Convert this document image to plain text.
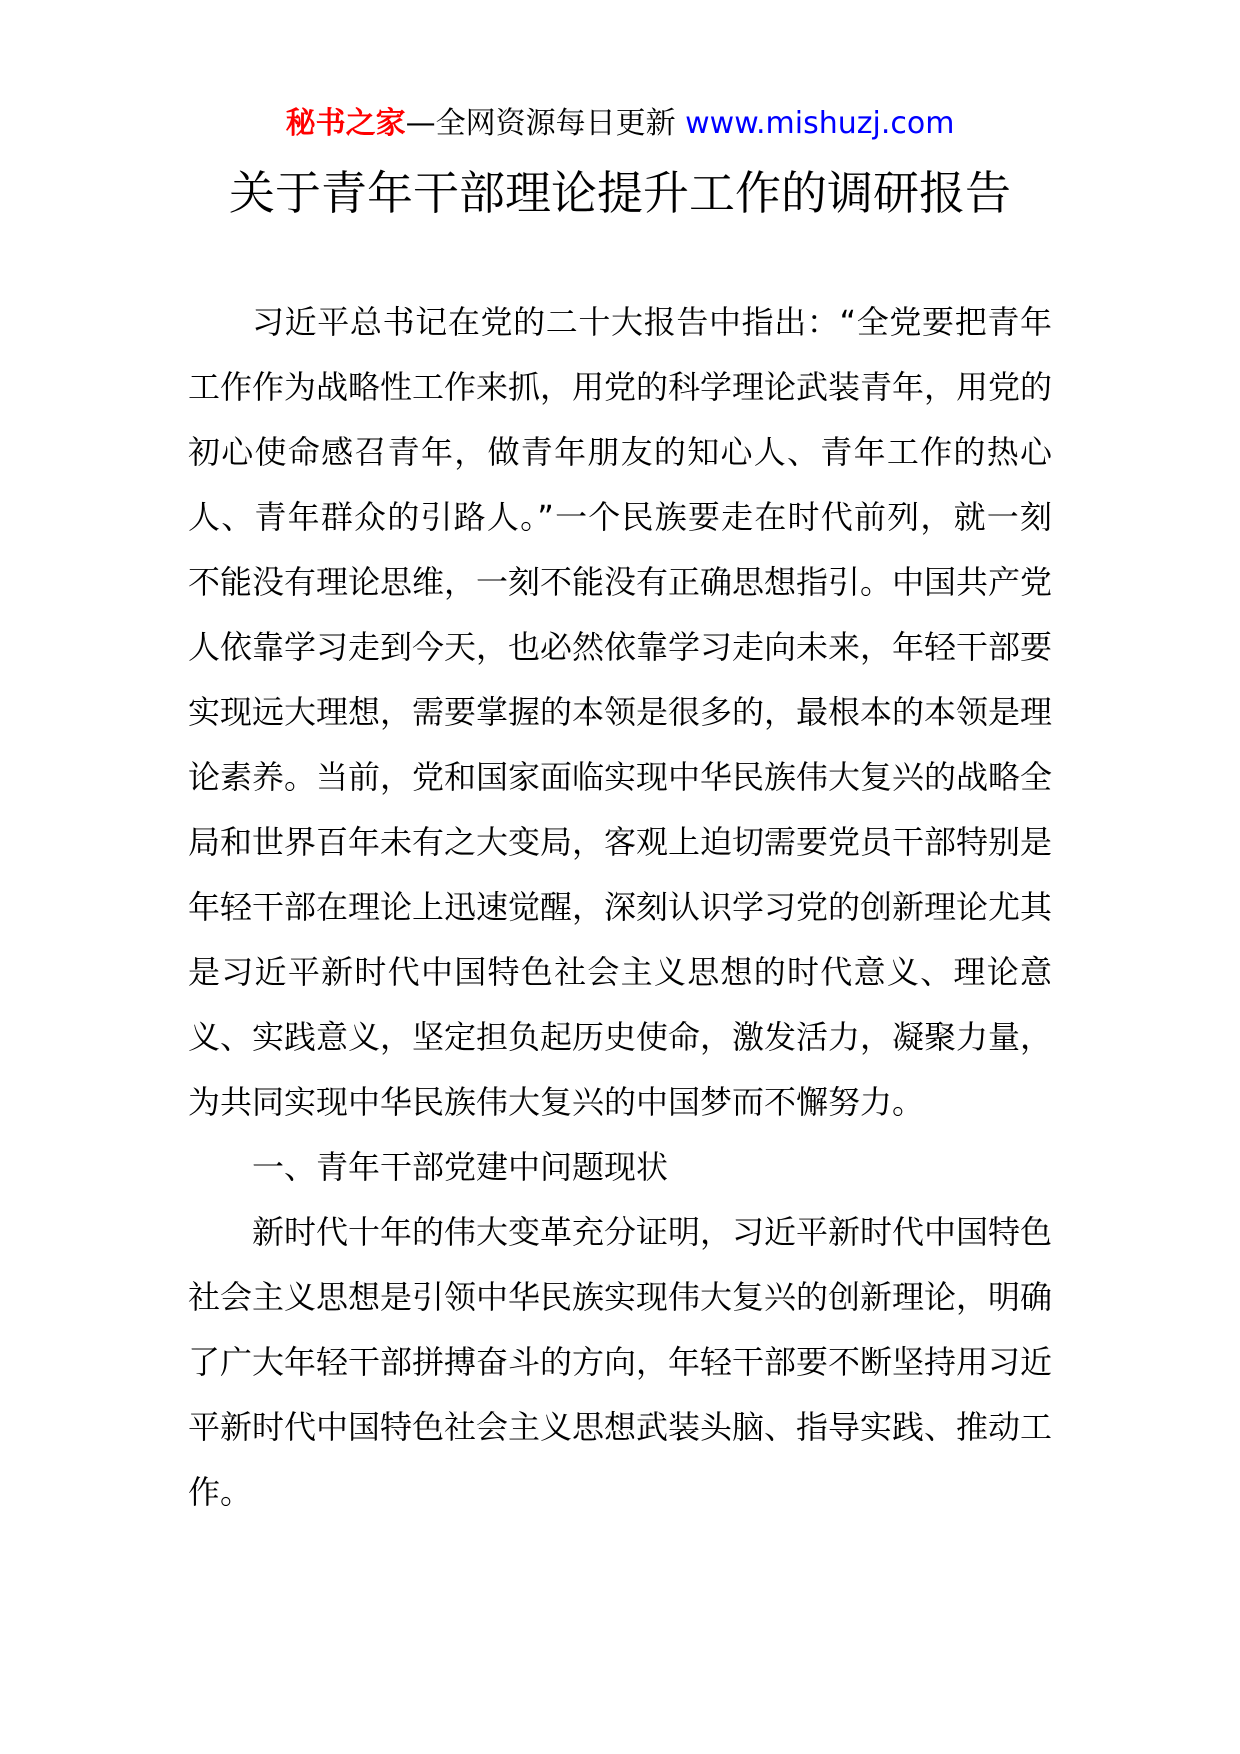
秘书之家—全网资源每日更新 www.mishuzj.com
关于青年干部理论提升工作的调研报告

习近平总书记在党的二十大报告中指出：“全党要把青年工作作为战略性工作来抓，用党的科学理论武装青年，用党的初心使命感召青年，做青年朋友的知心人、青年工作的热心人、青年群众的引路人。”一个民族要走在时代前列，就一刻不能没有理论思维，一刻不能没有正确思想指引。中国共产党人依靠学习走到今天，也必然依靠学习走向未来，年轻干部要实现远大理想，需要掌握的本领是很多的，最根本的本领是理论素养。当前，党和国家面临实现中华民族伟大复兴的战略全局和世界百年未有之大变局，客观上迫切需要党员干部特别是年轻干部在理论上迅速觉醒，深刻认识学习党的创新理论尤其是习近平新时代中国特色社会主义思想的时代意义、理论意义、实践意义，坚定担负起历史使命，激发活力，凝聚力量，为共同实现中华民族伟大复兴的中国梦而不懈努力。

一、青年干部党建中问题现状

新时代十年的伟大变革充分证明，习近平新时代中国特色社会主义思想是引领中华民族实现伟大复兴的创新理论，明确了广大年轻干部拼搏奋斗的方向，年轻干部要不断坚持用习近平新时代中国特色社会主义思想武装头脑、指导实践、推动工作。
